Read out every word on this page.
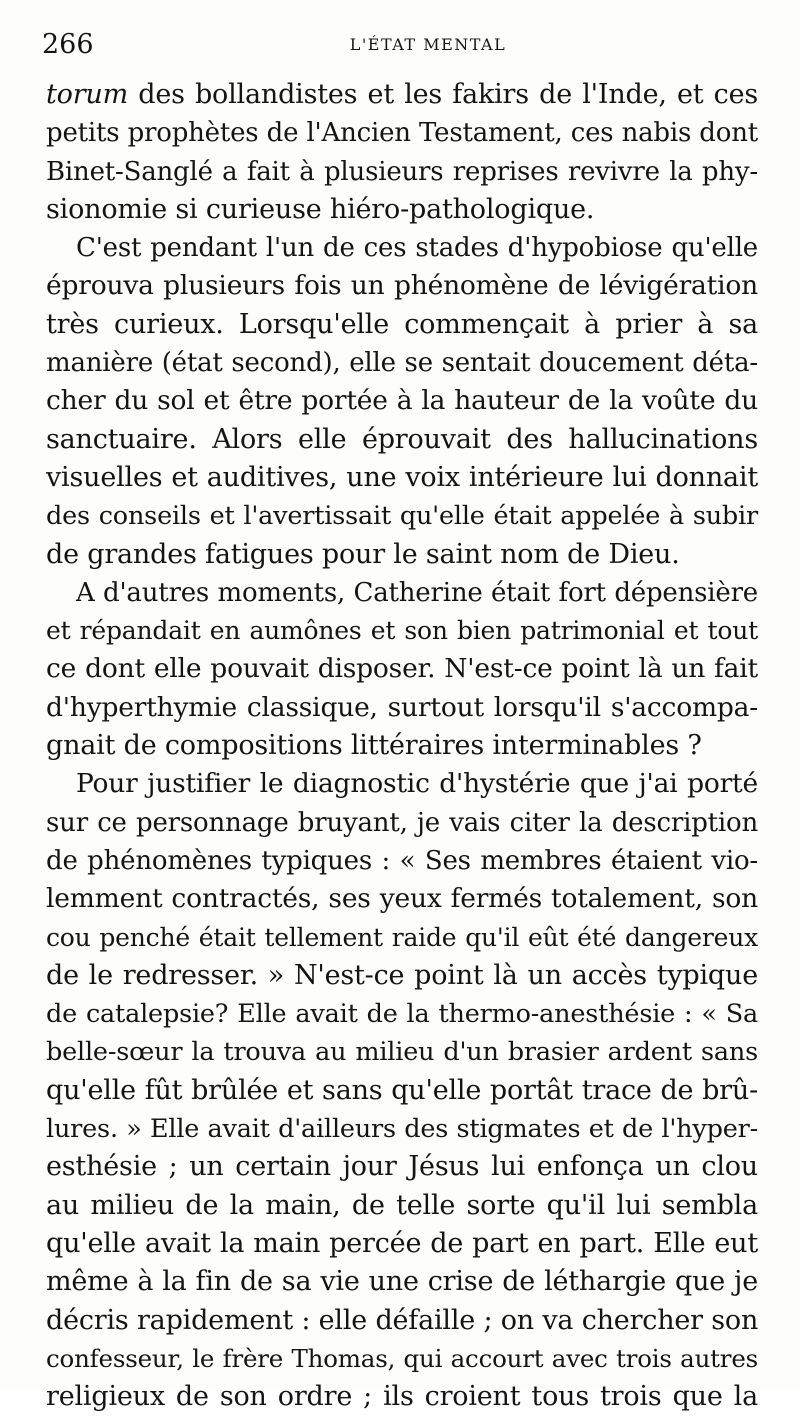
266	L'ÉTAT MENTAL
torum des bollandistes et les fakirs de l'Inde, et ces
petits prophètes de l'Ancien Testament, ces nabis dont
Binet-Sanglé a fait à plusieurs reprises revivre la phy-
sionomie si curieuse hiéro-pathologique.
C'est pendant l'un de ces stades d'hypobiose qu'elle
éprouva plusieurs fois un phénomène de lévigération
très curieux. Lorsqu'elle commençait à prier à sa
manière (état second), elle se sentait doucement déta-
cher du sol et être portée à la hauteur de la voûte du
sanctuaire. Alors elle éprouvait des hallucinations
visuelles et auditives, une voix intérieure lui donnait
des conseils et l'avertissait qu'elle était appelée à subir
de grandes fatigues pour le saint nom de Dieu.
A d'autres moments, Catherine était fort dépensière
et répandait en aumônes et son bien patrimonial et tout
ce dont elle pouvait disposer. N'est-ce point là un fait
d'hyperthymie classique, surtout lorsqu'il s'accompa-
gnait de compositions littéraires interminables ?
Pour justifier le diagnostic d'hystérie que j'ai porté
sur ce personnage bruyant, je vais citer la description
de phénomènes typiques : « Ses membres étaient vio-
lemment contractés, ses yeux fermés totalement, son
cou penché était tellement raide qu'il eût été dangereux
de le redresser. » N'est-ce point là un accès typique
de catalepsie? Elle avait de la thermo-anesthésie : « Sa
belle-sœur la trouva au milieu d'un brasier ardent sans
qu'elle fût brûlée et sans qu'elle portât trace de brû-
lures. » Elle avait d'ailleurs des stigmates et de l'hyper-
esthésie ; un certain jour Jésus lui enfonça un clou
au milieu de la main, de telle sorte qu'il lui sembla
qu'elle avait la main percée de part en part. Elle eut
même à la fin de sa vie une crise de léthargie que je
décris rapidement : elle défaille ; on va chercher son
confesseur, le frère Thomas, qui accourt avec trois autres
religieux de son ordre ; ils croient tous trois que la
